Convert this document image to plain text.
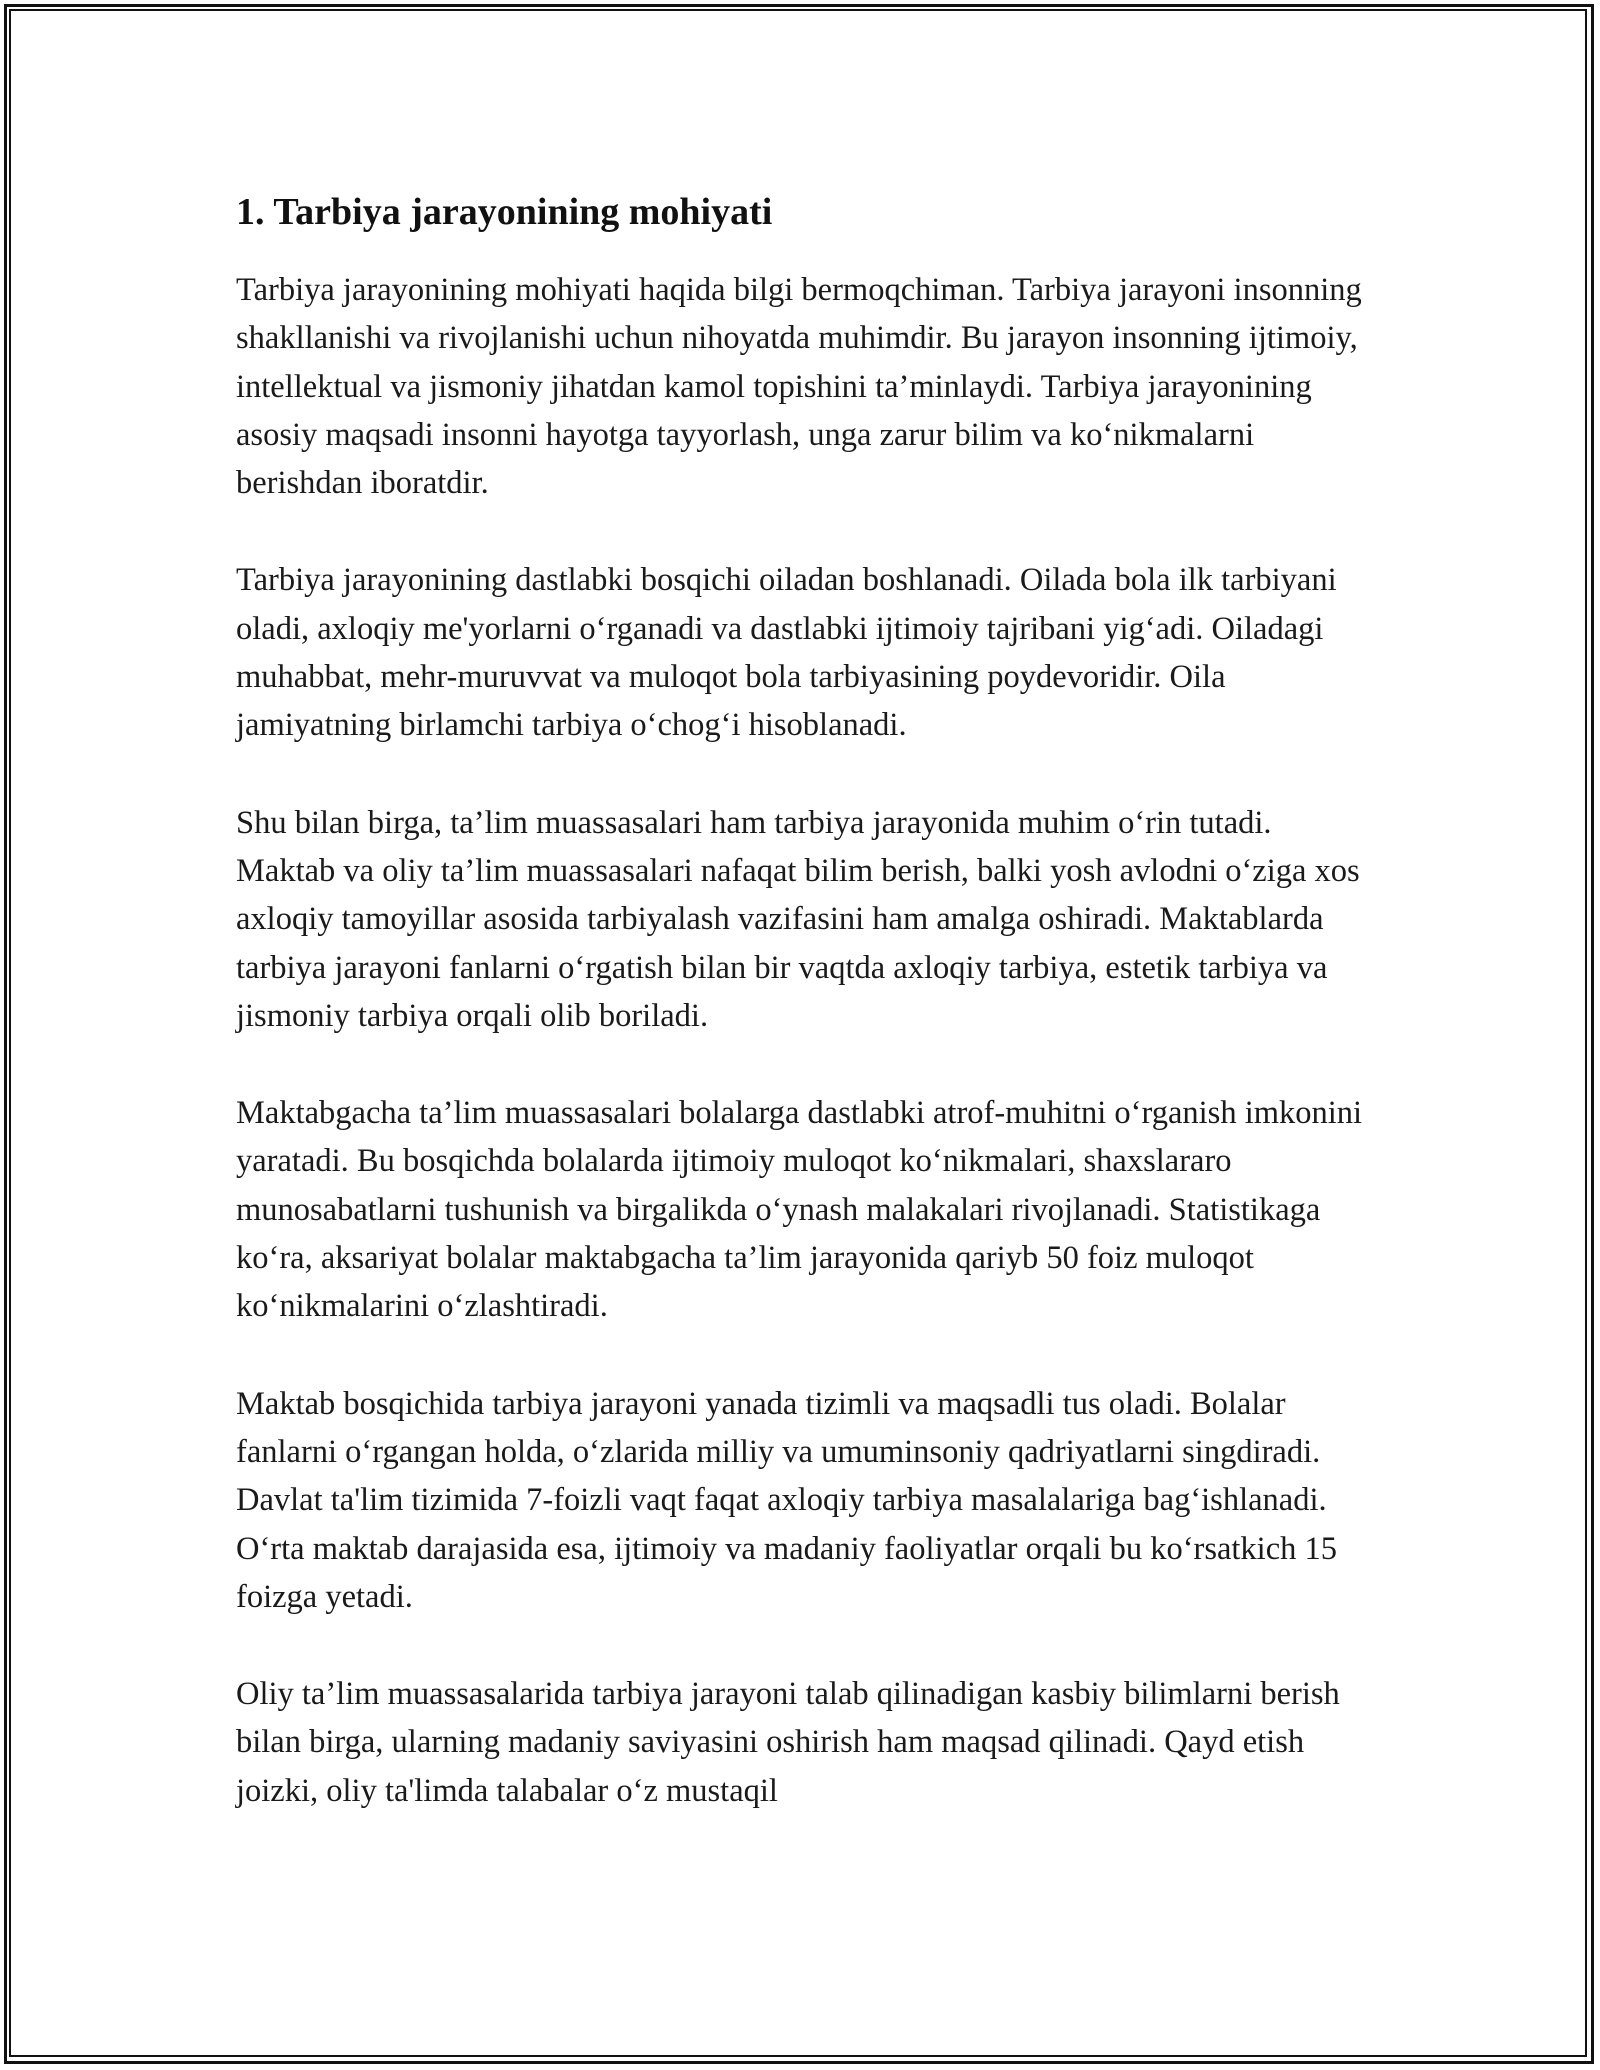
1. Tarbiya jarayonining mohiyati

Tarbiya jarayonining mohiyati haqida bilgi bermoqchiman. Tarbiya jarayoni insonning shakllanishi va rivojlanishi uchun nihoyatda muhimdir. Bu jarayon insonning ijtimoiy, intellektual va jismoniy jihatdan kamol topishini ta’minlaydi. Tarbiya jarayonining asosiy maqsadi insonni hayotga tayyorlash, unga zarur bilim va ko‘nikmalarni berishdan iboratdir.

Tarbiya jarayonining dastlabki bosqichi oiladan boshlanadi. Oilada bola ilk tarbiyani oladi, axloqiy me'yorlarni o‘rganadi va dastlabki ijtimoiy tajribani yig‘adi. Oiladagi muhabbat, mehr-muruvvat va muloqot bola tarbiyasining poydevoridir. Oila jamiyatning birlamchi tarbiya o‘chog‘i hisoblanadi.

Shu bilan birga, ta’lim muassasalari ham tarbiya jarayonida muhim o‘rin tutadi. Maktab va oliy ta’lim muassasalari nafaqat bilim berish, balki yosh avlodni o‘ziga xos axloqiy tamoyillar asosida tarbiyalash vazifasini ham amalga oshiradi. Maktablarda tarbiya jarayoni fanlarni o‘rgatish bilan bir vaqtda axloqiy tarbiya, estetik tarbiya va jismoniy tarbiya orqali olib boriladi.

Maktabgacha ta’lim muassasalari bolalarga dastlabki atrof-muhitni o‘rganish imkonini yaratadi. Bu bosqichda bolalarda ijtimoiy muloqot ko‘nikmalari, shaxslararo munosabatlarni tushunish va birgalikda o‘ynash malakalari rivojlanadi. Statistikaga ko‘ra, aksariyat bolalar maktabgacha ta’lim jarayonida qariyb 50 foiz muloqot ko‘nikmalarini o‘zlashtiradi.

Maktab bosqichida tarbiya jarayoni yanada tizimli va maqsadli tus oladi. Bolalar fanlarni o‘rgangan holda, o‘zlarida milliy va umuminsoniy qadriyatlarni singdiradi. Davlat ta'lim tizimida 7-foizli vaqt faqat axloqiy tarbiya masalalariga bag‘ishlanadi. O‘rta maktab darajasida esa, ijtimoiy va madaniy faoliyatlar orqali bu ko‘rsatkich 15 foizga yetadi.

Oliy ta’lim muassasalarida tarbiya jarayoni talab qilinadigan kasbiy bilimlarni berish bilan birga, ularning madaniy saviyasini oshirish ham maqsad qilinadi. Qayd etish joizki, oliy ta'limda talabalar o‘z mustaqil
